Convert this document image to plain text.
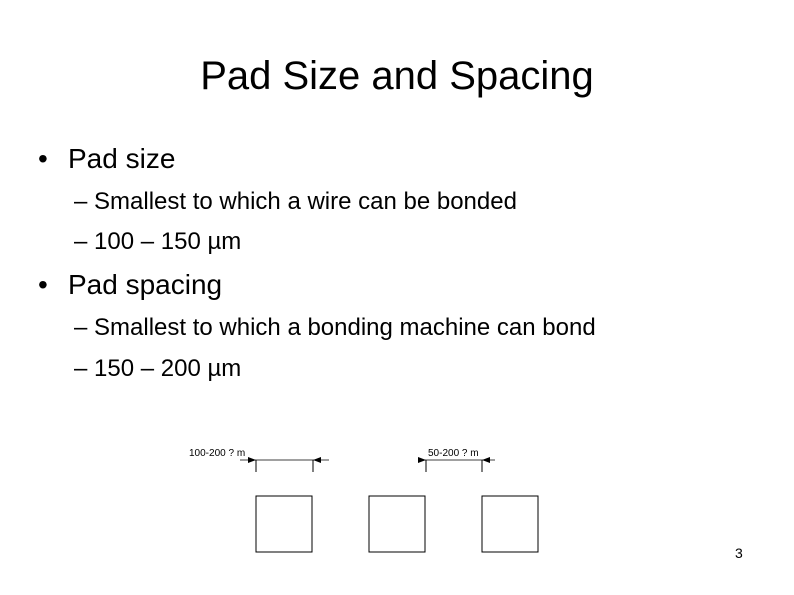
Pad Size and Spacing
• Pad size
– Smallest to which a wire can be bonded
– 100 – 150 µm
• Pad spacing
– Smallest to which a bonding machine can bond
– 150 – 200 µm
100-200 ? m	50-200 ? m
3
